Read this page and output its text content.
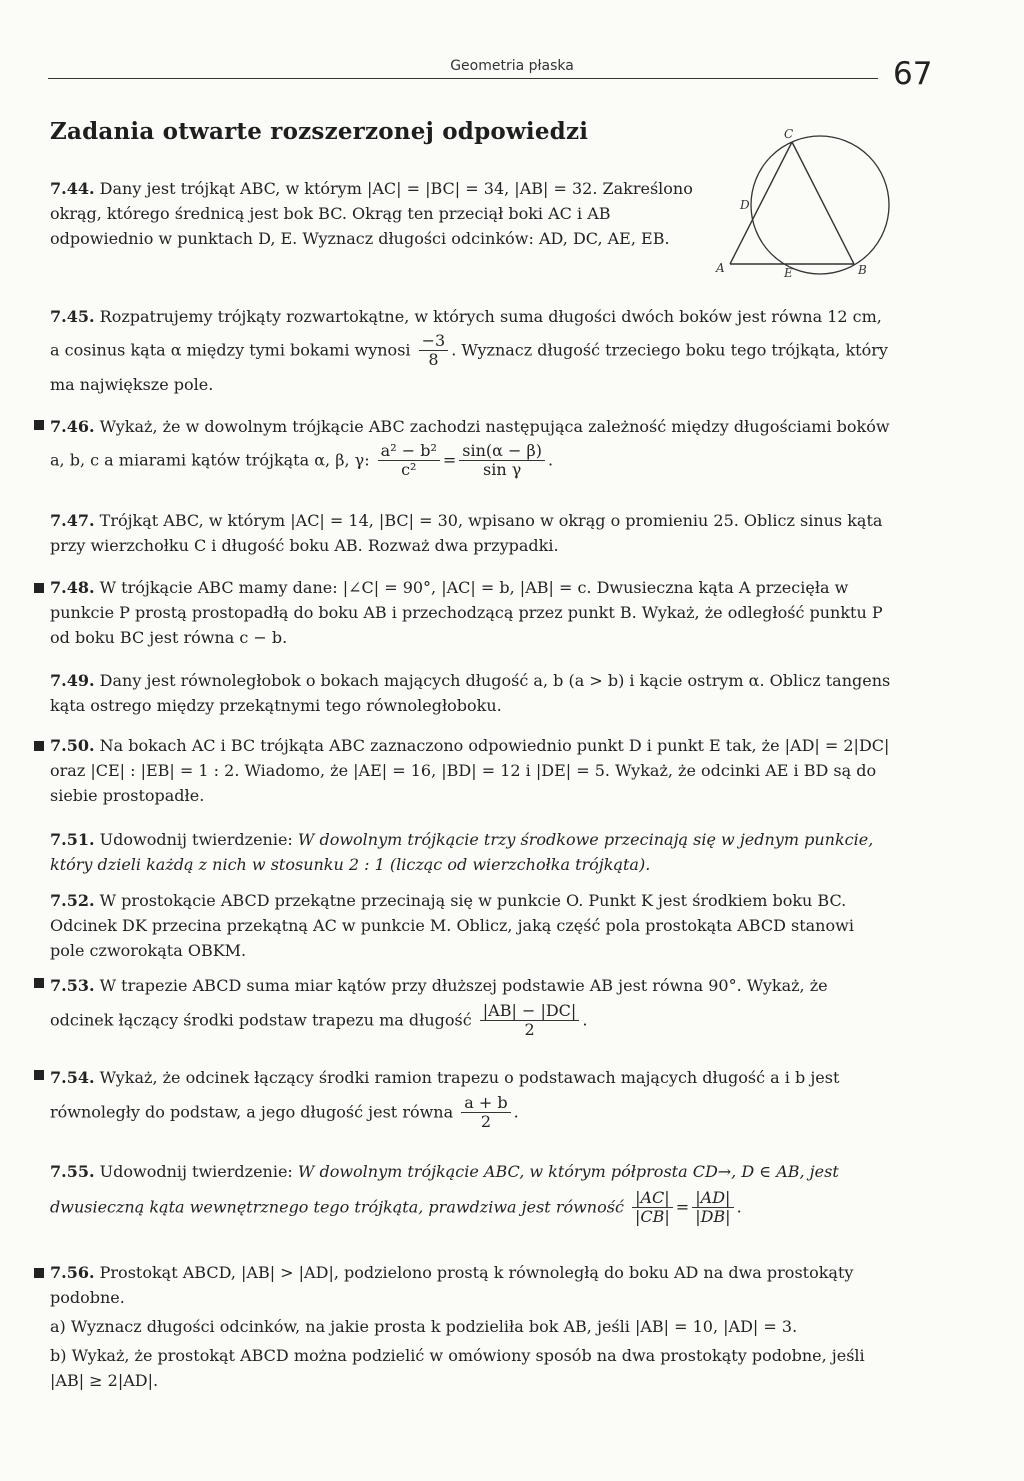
Geometria płaska	67
Zadania otwarte rozszerzonej odpowiedzi	C
D
A	E	B

7.44. Dany jest trójkąt ABC, w którym |AC| = |BC| = 34, |AB| = 32. Zakreślono okrąg, którego średnicą jest bok BC. Okrąg ten przeciął boki AC i AB odpowiednio w punktach D, E. Wyznacz długości odcinków: AD, DC, AE, EB.

7.45. Rozpatrujemy trójkąty rozwartokątne, w których suma długości dwóch boków jest równa 12 cm, a cosinus kąta α między tymi bokami wynosi $\frac{-3}{8}$ . Wyznacz długość trzeciego boku tego trójkąta, który ma największe pole.

7.46. Wykaż, że w dowolnym trójkącie ABC zachodzi następująca zależność między długościami boków a, b, c a miarami kątów trójkąta α, β, γ: $\frac{\text{a² − b²}}{\text{c²}} = \frac{\sin(\alpha - \beta)}{\text{sin γ}}$ .

7.47. Trójkąt ABC, w którym |AC| = 14, |BC| = 30, wpisano w okrąg o promieniu 25. Oblicz sinus kąta przy wierzchołku C i długość boku AB. Rozważ dwa przypadki.

7.48. W trójkącie ABC mamy dane: |∠C| = 90°, |AC| = b, |AB| = c. Dwusieczna kąta A przecięła w punkcie P prostą prostopadłą do boku AB i przechodzącą przez punkt B. Wykaż, że odległość punktu P od boku BC jest równa c − b.

7.49. Dany jest równoległobok o bokach mających długość a, b (a > b) i kącie ostrym α. Oblicz tangens kąta ostrego między przekątnymi tego równoległoboku.

7.50. Na bokach AC i BC trójkąta ABC zaznaczono odpowiednio punkt D i punkt E tak, że |AD| = 2|DC| oraz |CE| : |EB| = 1 : 2. Wiadomo, że |AE| = 16, |BD| = 12 i |DE| = 5. Wykaż, że odcinki AE i BD są do siebie prostopadłe.

7.51. Udowodnij twierdzenie: W dowolnym trójkącie trzy środkowe przecinają się w jednym punkcie, który dzieli każdą z nich w stosunku 2 : 1 (licząc od wierzchołka trójkąta).

7.52. W prostokącie ABCD przekątne przecinają się w punkcie O. Punkt K jest środkiem boku BC. Odcinek DK przecina przekątną AC w punkcie M. Oblicz, jaką część pola prostokąta ABCD stanowi pole czworokąta OBKM.

7.53. W trapezie ABCD suma miar kątów przy dłuższej podstawie AB jest równa 90°. Wykaż, że odcinek łączący środki podstaw trapezu ma długość $\frac{|AB| - |DC|}{2}$ .

7.54. Wykaż, że odcinek łączący środki ramion trapezu o podstawach mających długość a i b jest równoległy do podstaw, a jego długość jest równa $\frac{a + b}{2}$ .

7.55. Udowodnij twierdzenie: W dowolnym trójkącie ABC, w którym półprosta CD→, D ∈ AB, jest dwusieczną kąta wewnętrznego tego trójkąta, prawdziwa jest równość $\frac{|AC|}{|CB|} = \frac{|AD|}{|DB|}$ .

7.56. Prostokąt ABCD, |AB| > |AD|, podzielono prostą k równoległą do boku AD na dwa prostokąty podobne.

a) Wyznacz długości odcinków, na jakie prosta k podzieliła bok AB, jeśli |AB| = 10, |AD| = 3.

b) Wykaż, że prostokąt ABCD można podzielić w omówiony sposób na dwa prostokąty podobne, jeśli |AB| ≥ 2|AD|.
